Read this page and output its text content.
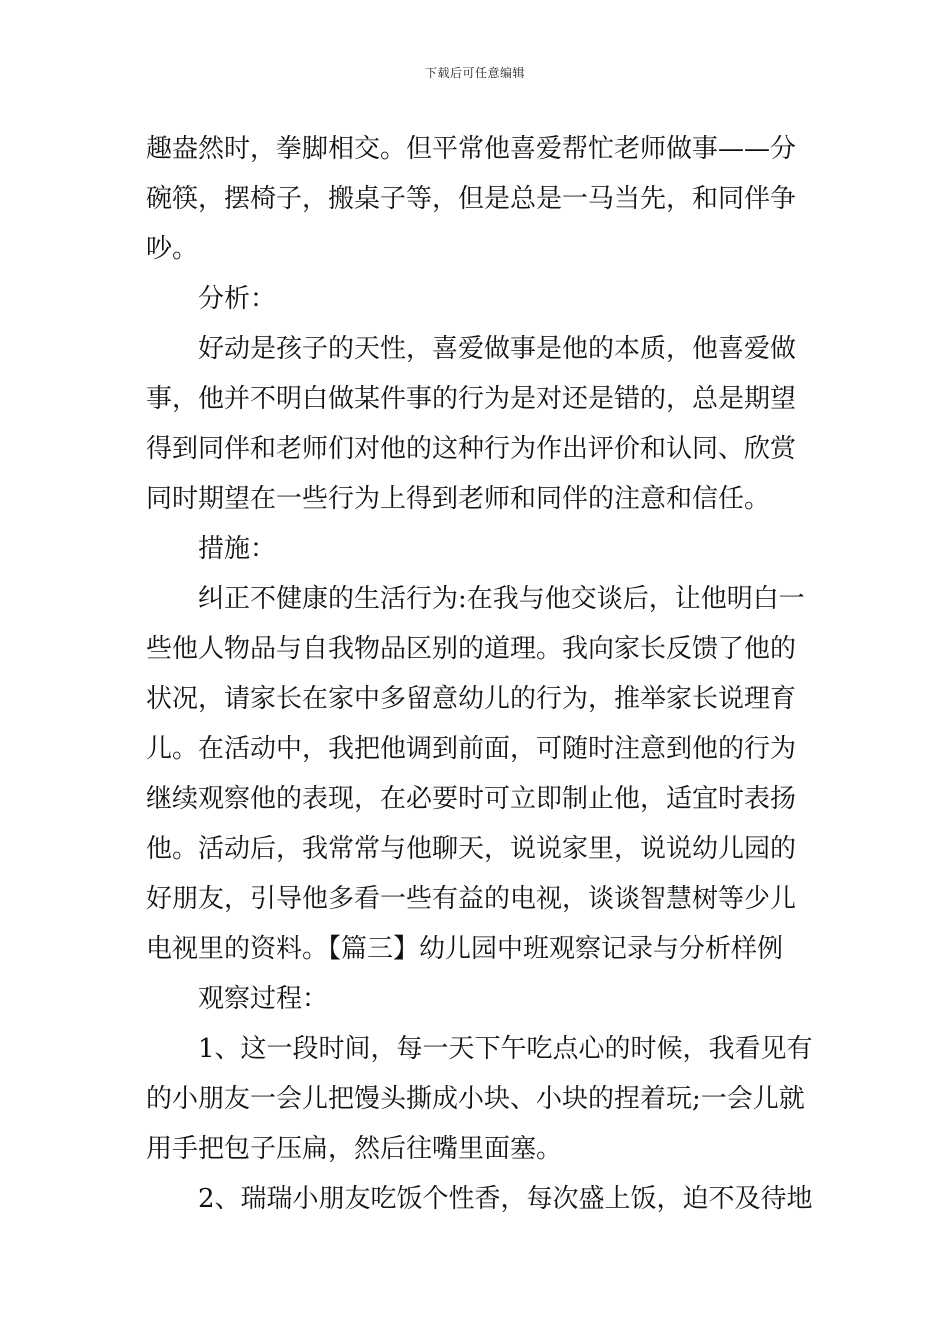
下载后可任意编辑
趣盎然时，拳脚相交。但平常他喜爱帮忙老师做事——分
碗筷，摆椅子，搬桌子等，但是总是一马当先，和同伴争
吵。
分析：
好动是孩子的天性，喜爱做事是他的本质，他喜爱做
事，他并不明白做某件事的行为是对还是错的，总是期望
得到同伴和老师们对他的这种行为作出评价和认同、欣赏
同时期望在一些行为上得到老师和同伴的注意和信任。
措施：
纠正不健康的生活行为:在我与他交谈后，让他明白一
些他人物品与自我物品区别的道理。我向家长反馈了他的
状况，请家长在家中多留意幼儿的行为，推举家长说理育
儿。在活动中，我把他调到前面，可随时注意到他的行为
继续观察他的表现，在必要时可立即制止他，适宜时表扬
他。活动后，我常常与他聊天，说说家里，说说幼儿园的
好朋友，引导他多看一些有益的电视，谈谈智慧树等少儿
电视里的资料。【篇三】幼儿园中班观察记录与分析样例
观察过程：
1、这一段时间，每一天下午吃点心的时候，我看见有
的小朋友一会儿把馒头撕成小块、小块的捏着玩;一会儿就
用手把包子压扁，然后往嘴里面塞。
2、瑞瑞小朋友吃饭个性香，每次盛上饭，迫不及待地
